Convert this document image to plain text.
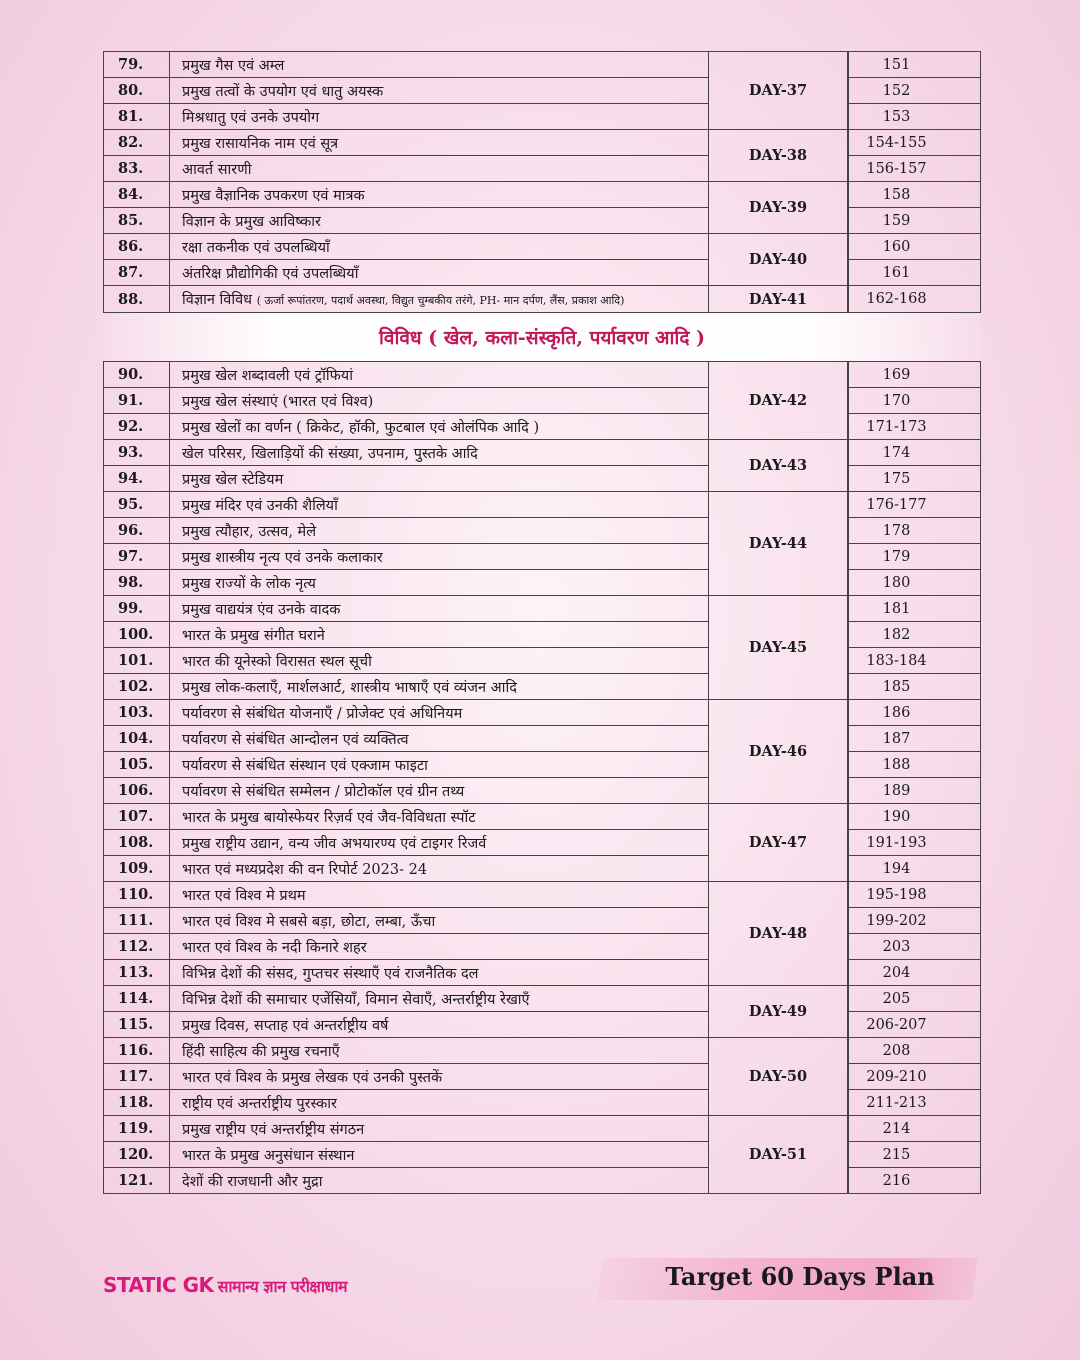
79.	प्रमुख गैस एवं अम्ल	DAY-37		151
80.	प्रमुख तत्वों के उपयोग एवं धातु अयस्क		152
81.	मिश्रधातु एवं उनके उपयोग		153
82.	प्रमुख रासायनिक नाम एवं सूत्र	DAY-38		154-155
83.	आवर्त सारणी		156-157
84.	प्रमुख वैज्ञानिक उपकरण एवं मात्रक	DAY-39		158
85.	विज्ञान के प्रमुख आविष्कार		159
86.	रक्षा तकनीक एवं उपलब्धियाँ	DAY-40		160
87.	अंतरिक्ष प्रौद्योगिकी एवं उपलब्धियाँ		161
88.	विज्ञान विविध ( ऊर्जा रूपांतरण, पदार्थ अवस्था, विद्युत चुम्बकीय तरंगे, PH- मान दर्पण, लैंस, प्रकाश आदि)	DAY-41		162-168
विविध ( खेल, कला-संस्कृति, पर्यावरण आदि )			
90.	प्रमुख खेल शब्दावली एवं ट्रॉफियां	DAY-42		169
91.	प्रमुख खेल संस्थाएं (भारत एवं विश्व)		170
92.	प्रमुख खेलों का वर्णन ( क्रिकेट, हॉकी, फुटबाल एवं ओलंपिक आदि )		171-173
93.	खेल परिसर, खिलाड़ियों की संख्या, उपनाम, पुस्तके आदि	DAY-43		174
94.	प्रमुख खेल स्टेडियम		175
95.	प्रमुख मंदिर एवं उनकी शैलियाँ	DAY-44		176-177
96.	प्रमुख त्यौहार, उत्सव, मेले		178
97.	प्रमुख शास्त्रीय नृत्य एवं उनके कलाकार		179
98.	प्रमुख राज्यों के लोक नृत्य		180
99.	प्रमुख वाद्ययंत्र एंव उनके वादक	DAY-45		181
100.	भारत के प्रमुख संगीत घराने		182
101.	भारत की यूनेस्को विरासत स्थल सूची		183-184
102.	प्रमुख लोक-कलाएँ, मार्शलआर्ट, शास्त्रीय भाषाएँ एवं व्यंजन आदि		185
103.	पर्यावरण से संबंधित योजनाएँ / प्रोजेक्ट एवं अधिनियम	DAY-46		186
104.	पर्यावरण से संबंधित आन्दोलन एवं व्यक्तित्व		187
105.	पर्यावरण से संबंधित संस्थान एवं एक्जाम फाइटा		188
106.	पर्यावरण से संबंधित सम्मेलन / प्रोटोकॉल एवं ग्रीन तथ्य		189
107.	भारत के प्रमुख बायोस्फेयर रिज़र्व एवं जैव-विविधता स्पॉट	DAY-47		190
108.	प्रमुख राष्ट्रीय उद्यान, वन्य जीव अभयारण्य एवं टाइगर रिजर्व		191-193
109.	भारत एवं मध्यप्रदेश की वन रिपोर्ट 2023- 24		194
110.	भारत एवं विश्व मे प्रथम	DAY-48		195-198
111.	भारत एवं विश्व मे सबसे बड़ा, छोटा, लम्बा, ऊँचा		199-202
112.	भारत एवं विश्व के नदी किनारे शहर		203
113.	विभिन्न देशों की संसद, गुप्तचर संस्थाएँ एवं राजनैतिक दल		204
114.	विभिन्न देशों की समाचार एजेंसियाँ, विमान सेवाएँ, अन्तर्राष्ट्रीय रेखाएँ	DAY-49		205
115.	प्रमुख दिवस, सप्ताह एवं अन्तर्राष्ट्रीय वर्ष		206-207
116.	हिंदी साहित्य की प्रमुख रचनाएँ	DAY-50		208
117.	भारत एवं विश्व के प्रमुख लेखक एवं उनकी पुस्तकें		209-210
118.	राष्ट्रीय एवं अन्तर्राष्ट्रीय पुरस्कार		211-213
119.	प्रमुख राष्ट्रीय एवं अन्तर्राष्ट्रीय संगठन	DAY-51		214
120.	भारत के प्रमुख अनुसंधान संस्थान		215
121.	देशों की राजधानी और मुद्रा		216
STATIC GK सामान्य ज्ञान परीक्षाधाम	Target 60 Days Plan
